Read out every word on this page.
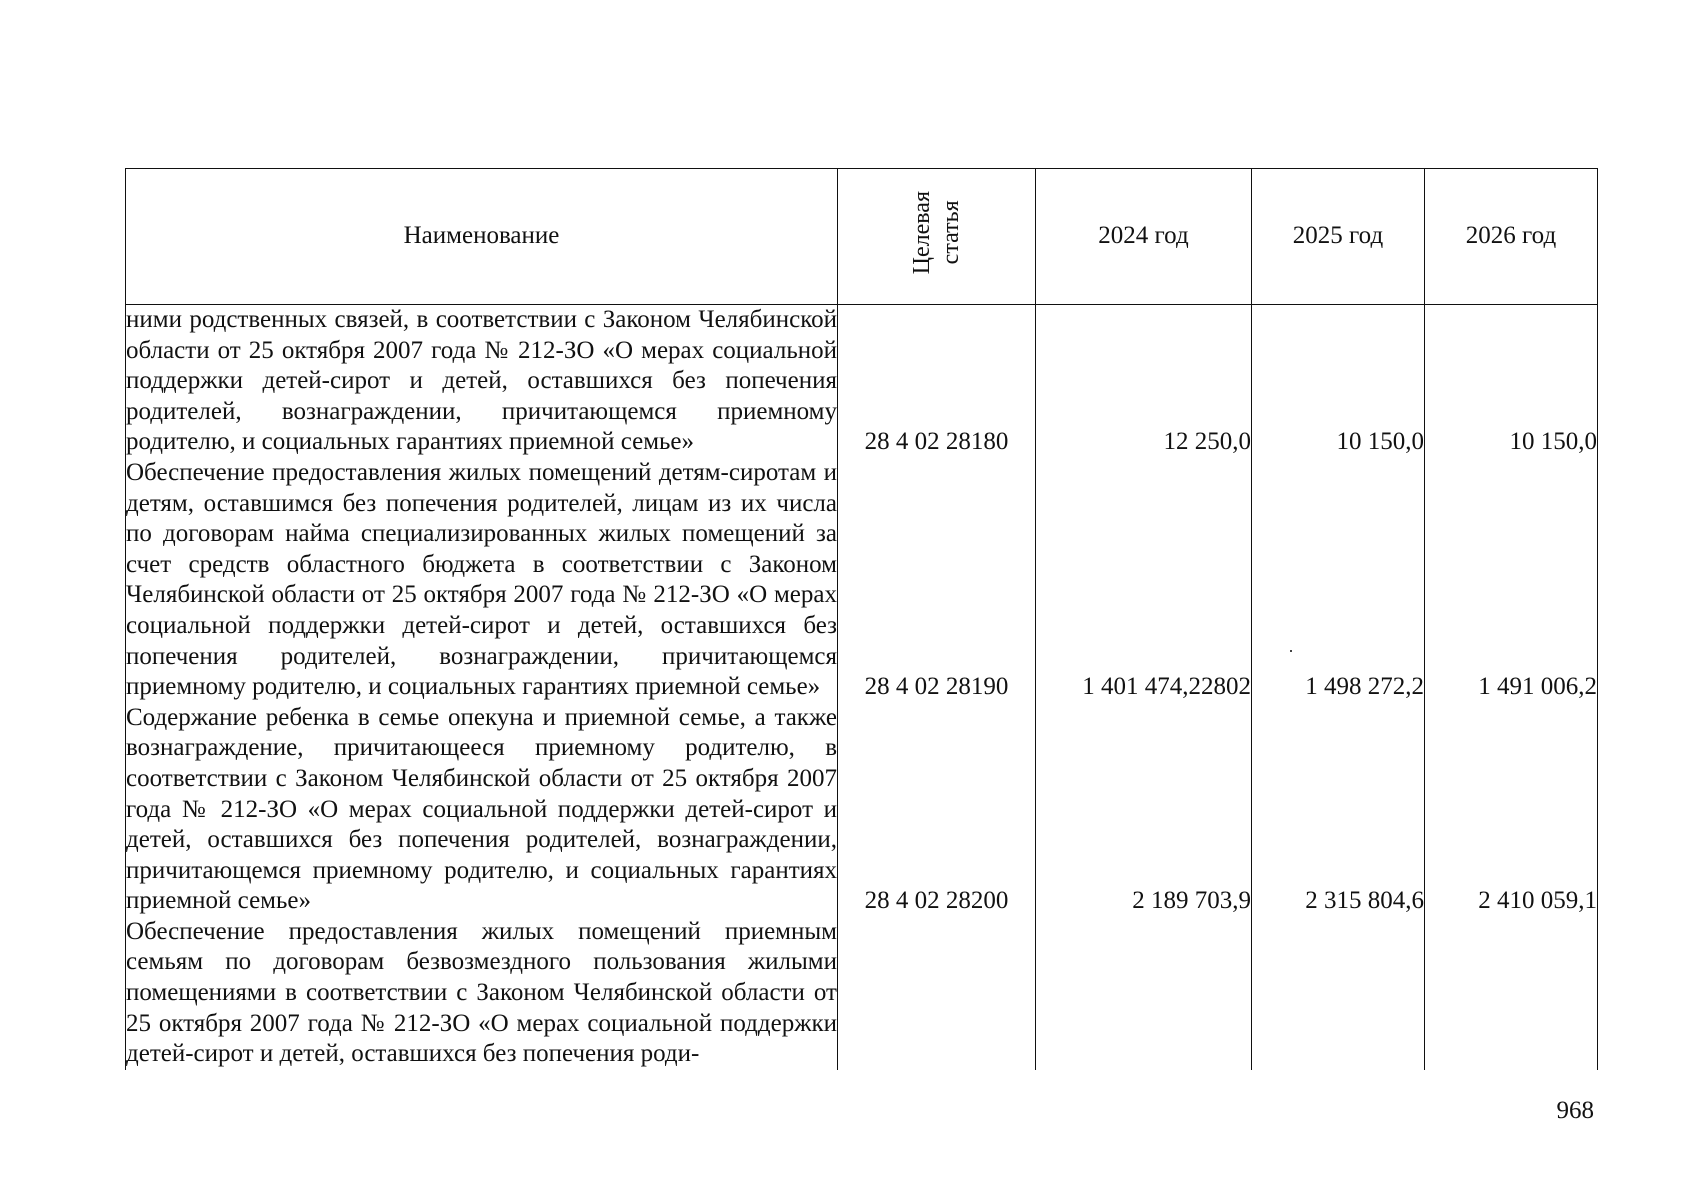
Наименование	Целевая статья	2024 год	2025 год	2026 год
ними родственных связей, в соответствии с Законом Челябинской области от 25 октября 2007 года № 212-ЗО «О мерах социальной поддержки детей-сирот и детей, оставшихся без попечения родителей, вознаграждении, причитающемся приемному родителю, и социальных гарантиях приемной семье»	28 4 02 28180	12 250,0	10 150,0	10 150,0
Обеспечение предоставления жилых помещений детям-сиротам и детям, оставшимся без попечения родителей, лицам из их числа по договорам найма специализированных жилых помещений за счет средств областного бюджета в соответствии с Законом Челябинской области от 25 октября 2007 года № 212-ЗО «О мерах социальной поддержки детей-сирот и детей, оставшихся без попечения родителей, вознаграждении, причитающемся приемному родителю, и социальных гарантиях приемной семье»	28 4 02 28190	1 401 474,22802	1 498 272,2	1 491 006,2
Содержание ребенка в семье опекуна и приемной семье, а также вознаграждение, причитающееся приемному родителю, в соответствии с Законом Челябинской области от 25 октября 2007 года № 212-ЗО «О мерах социальной поддержки детей-сирот и детей, оставшихся без попечения родителей, вознаграждении, причитающемся приемному родителю, и социальных гарантиях приемной семье»	28 4 02 28200	2 189 703,9	2 315 804,6	2 410 059,1
Обеспечение предоставления жилых помещений приемным семьям по договорам безвозмездного пользования жилыми помещениями в соответствии с Законом Челябинской области от 25 октября 2007 года № 212-ЗО «О мерах социальной поддержки детей-сирот и детей, оставшихся без попечения роди-				
968
